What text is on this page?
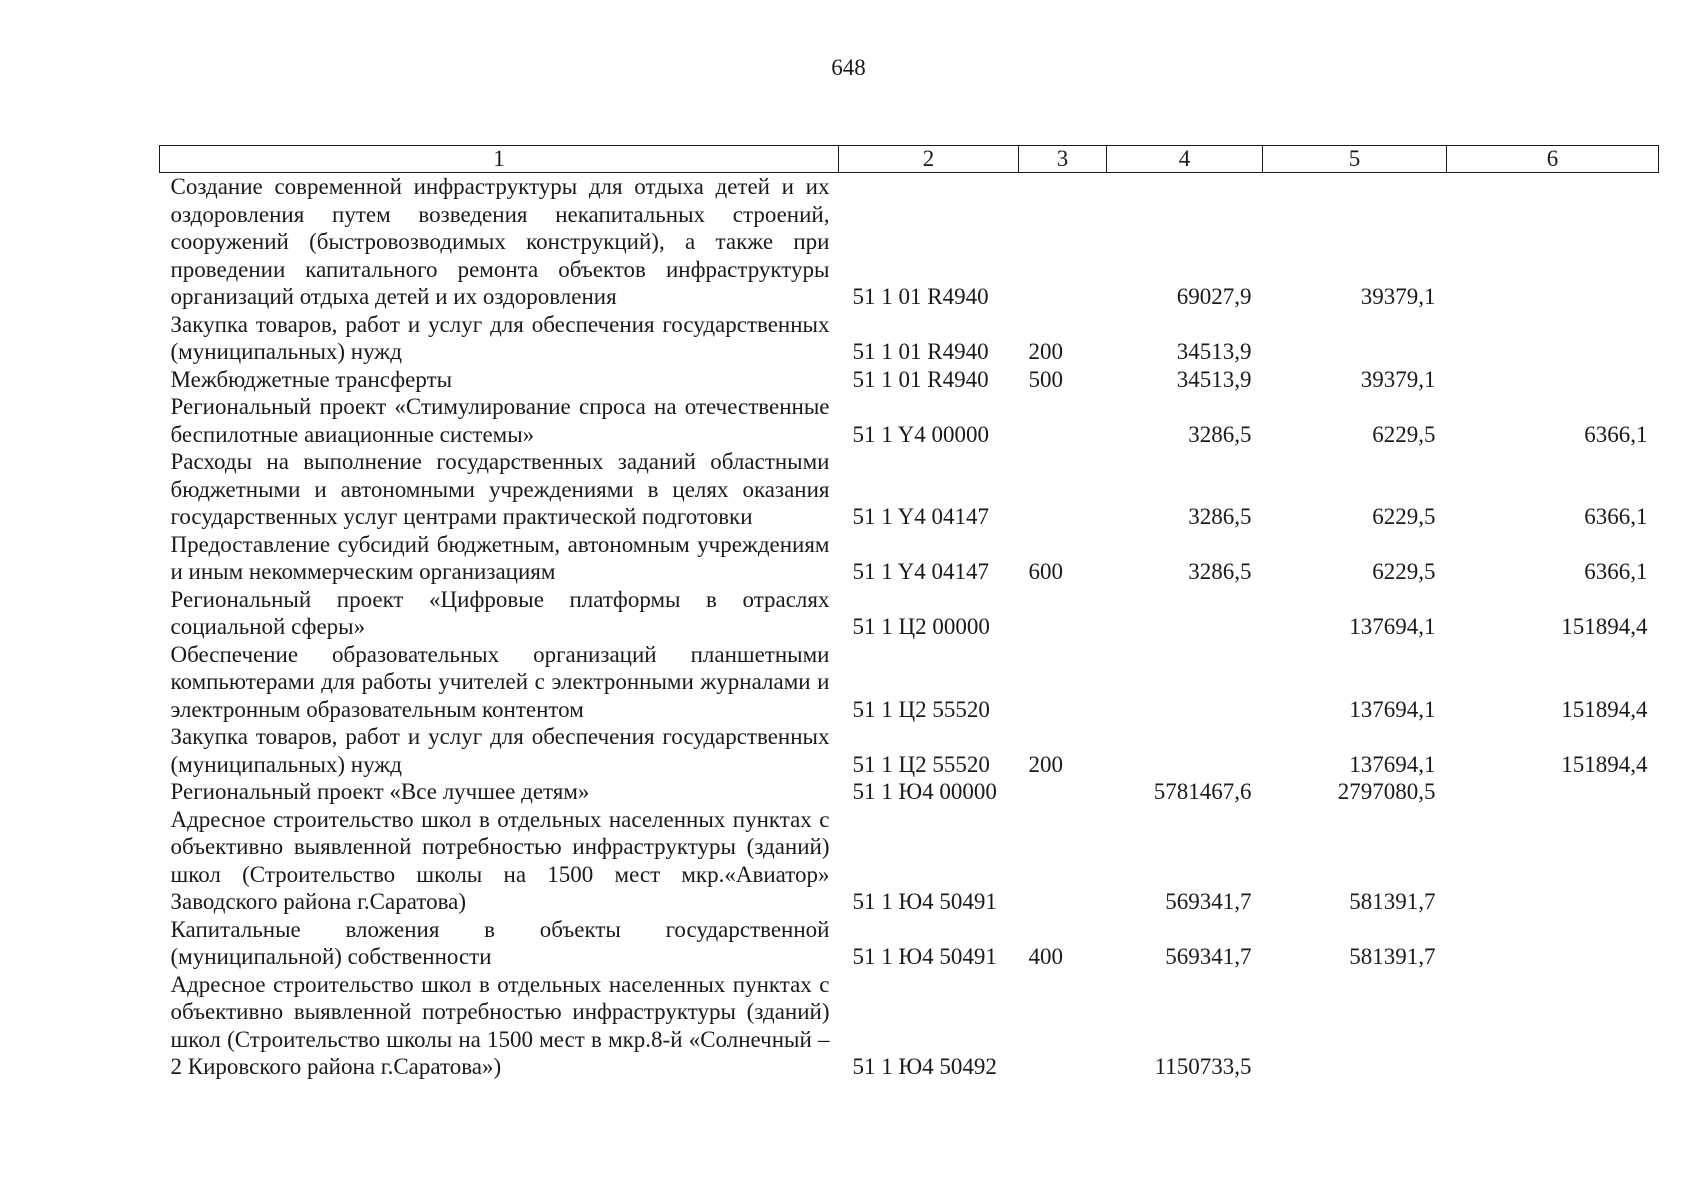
648
1	2	3	4	5	6
Создание современной инфраструктуры для отдыха детей и их оздоровления путем возведения некапитальных строений, сооружений (быстровозводимых конструкций), а также при проведении капитального ремонта объектов инфраструктуры организаций отдыха детей и их оздоровления	51 1 01 R4940		69027,9	39379,1	
Закупка товаров, работ и услуг для обеспечения государственных (муниципальных) нужд	51 1 01 R4940	200	34513,9		
Межбюджетные трансферты	51 1 01 R4940	500	34513,9	39379,1	
Региональный проект «Стимулирование спроса на отечественные беспилотные авиационные системы»	51 1 Y4 00000		3286,5	6229,5	6366,1
Расходы на выполнение государственных заданий областными бюджетными и автономными учреждениями в целях оказания государственных услуг центрами практической подготовки	51 1 Y4 04147		3286,5	6229,5	6366,1
Предоставление субсидий бюджетным, автономным учреждениям и иным некоммерческим организациям	51 1 Y4 04147	600	3286,5	6229,5	6366,1
Региональный проект «Цифровые платформы в отраслях социальной сферы»	51 1 Ц2 00000			137694,1	151894,4
Обеспечение образовательных организаций планшетными компьютерами для работы учителей с электронными журналами и электронным образовательным контентом	51 1 Ц2 55520			137694,1	151894,4
Закупка товаров, работ и услуг для обеспечения государственных (муниципальных) нужд	51 1 Ц2 55520	200		137694,1	151894,4
Региональный проект «Все лучшее детям»	51 1 Ю4 00000		5781467,6	2797080,5	
Адресное строительство школ в отдельных населенных пунктах с объективно выявленной потребностью инфраструктуры (зданий) школ (Строительство школы на 1500 мест мкр.«Авиатор» Заводского района г.Саратова)	51 1 Ю4 50491		569341,7	581391,7	
Капитальные вложения в объекты государственной (муниципальной) собственности	51 1 Ю4 50491	400	569341,7	581391,7	
Адресное строительство школ в отдельных населенных пунктах с объективно выявленной потребностью инфраструктуры (зданий) школ (Строительство школы на 1500 мест в мкр.8-й «Солнечный – 2 Кировского района г.Саратова»)	51 1 Ю4 50492		1150733,5		
